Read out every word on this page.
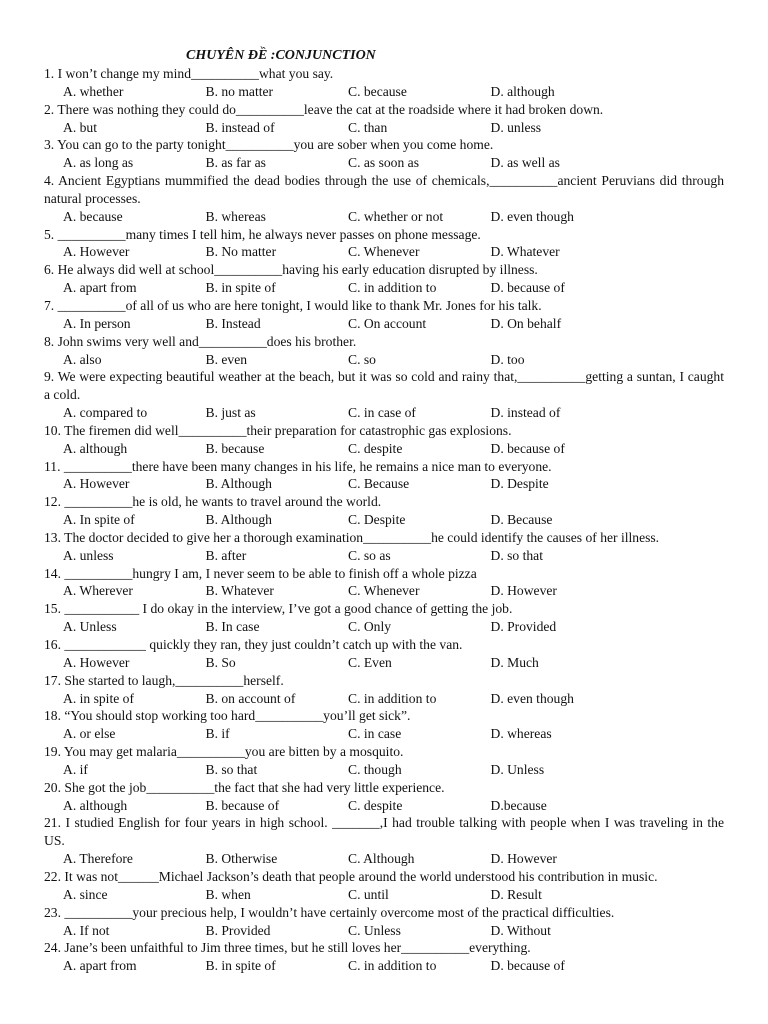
CHUYÊN ĐỀ :CONJUNCTION
1. I won’t change my mind__________what you say.
A. whether	B. no matter	C. because	D. although
2. There was nothing they could do__________leave the cat at the roadside where it had broken down.
A. but	B. instead of	C. than	D. unless
3. You can go to the party tonight__________you are sober when you come home.
A. as long as	B. as far as	C. as soon as	D. as well as
4. Ancient Egyptians mummified the dead bodies through the use of chemicals,__________ancient Peruvians did through natural processes.
A. because	B. whereas	C. whether or not	D. even though
5. __________many times I tell him, he always never passes on phone message.
A. However	B. No matter	C. Whenever	D. Whatever
6. He always did well at school__________having his early education disrupted by illness.
A. apart from	B. in spite of	C. in addition to	D. because of
7. __________of all of us who are here tonight, I would like to thank Mr. Jones for his talk.
A. In person	B. Instead	C. On account	D. On behalf
8. John swims very well and__________does his brother.
A. also	B. even	C. so	D. too
9. We were expecting beautiful weather at the beach, but it was so cold and rainy that,__________getting a suntan, I caught a cold.
A. compared to	B. just as	C. in case of	D. instead of
10. The firemen did well__________their preparation for catastrophic gas explosions.
A. although	B. because	C. despite	D. because of
11. __________there have been many changes in his life, he remains a nice man to everyone.
A. However	B. Although	C. Because	D. Despite
12. __________he is old, he wants to travel around the world.
A. In spite of	B. Although	C. Despite	D. Because
13. The doctor decided to give her a thorough examination__________he could identify the causes of her illness.
A. unless	B. after	C. so as	D. so that
14. __________hungry I am, I never seem to be able to finish off a whole pizza
A. Wherever	B. Whatever	C. Whenever	D. However
15. ___________ I do okay in the interview, I’ve got a good chance of getting the job.
A. Unless	B. In case	C. Only	D. Provided
16. ____________ quickly they ran, they just couldn’t catch up with the van.
A. However	B. So	C. Even	D. Much
17. She started to laugh,__________herself.
A. in spite of	B. on account of	C. in addition to	D. even though
18. “You should stop working too hard__________you’ll get sick”.
A. or else	B. if	C. in case	D. whereas
19. You may get malaria__________you are bitten by a mosquito.
A. if	B. so that	C. though	D. Unless
20. She got the job__________the fact that she had very little experience.
A. although	B. because of	C. despite	D.because
21. I studied English for four years in high school. _______,I had trouble talking with people when I was traveling in the US.
A. Therefore	B. Otherwise	C. Although	D. However
22. It was not______Michael Jackson’s death that people around the world understood his contribution in music.
A. since	B. when	C. until	D. Result
23. __________your precious help, I wouldn’t have certainly overcome most of the practical difficulties.
A. If not	B. Provided	C. Unless	D. Without
24. Jane’s been unfaithful to Jim three times, but he still loves her__________everything.
A. apart from	B. in spite of	C. in addition to	D. because of
